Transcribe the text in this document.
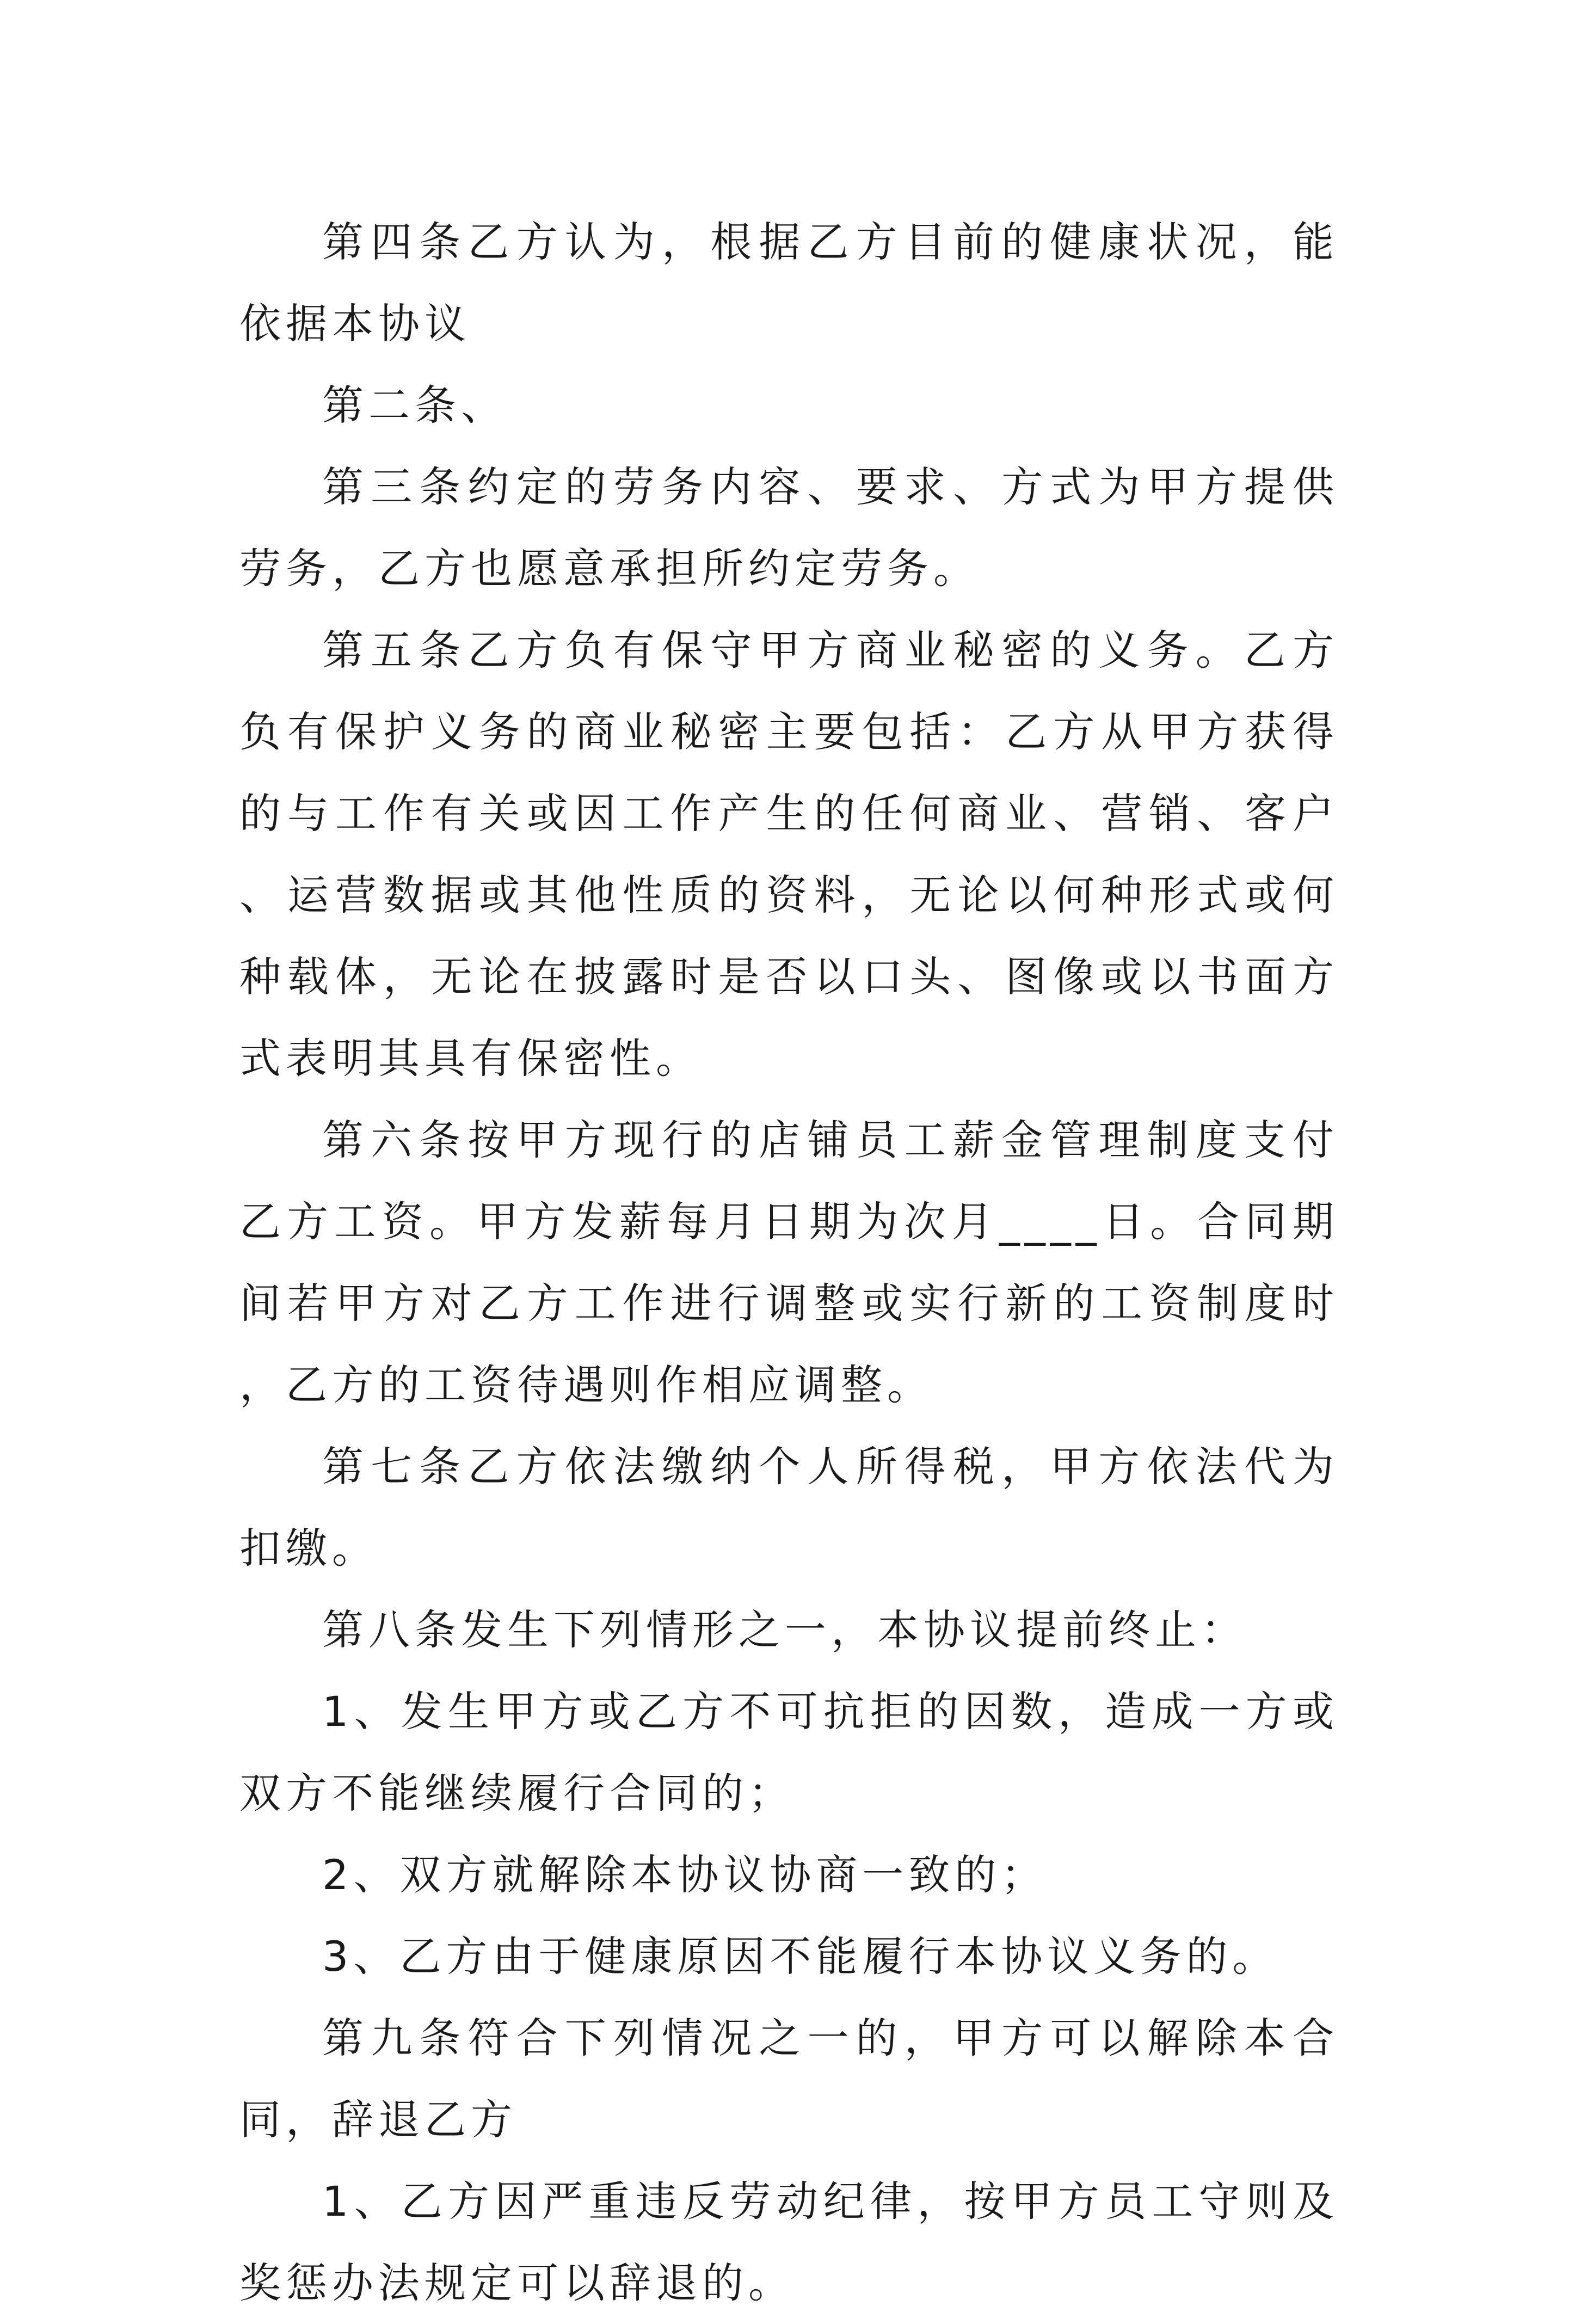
第四条乙方认为，根据乙方目前的健康状况，能依据本协议

第二条、

第三条约定的劳务内容、要求、方式为甲方提供劳务，乙方也愿意承担所约定劳务。

第五条乙方负有保守甲方商业秘密的义务。乙方负有保护义务的商业秘密主要包括：乙方从甲方获得的与工作有关或因工作产生的任何商业、营销、客户、运营数据或其他性质的资料，无论以何种形式或何种载体，无论在披露时是否以口头、图像或以书面方式表明其具有保密性。

第六条按甲方现行的店铺员工薪金管理制度支付乙方工资。甲方发薪每月日期为次月____日。合同期间若甲方对乙方工作进行调整或实行新的工资制度时，乙方的工资待遇则作相应调整。

第七条乙方依法缴纳个人所得税，甲方依法代为扣缴。

第八条发生下列情形之一，本协议提前终止：

1、发生甲方或乙方不可抗拒的因数，造成一方或双方不能继续履行合同的；

2、双方就解除本协议协商一致的；

3、乙方由于健康原因不能履行本协议义务的。

第九条符合下列情况之一的，甲方可以解除本合同，辞退乙方

1、乙方因严重违反劳动纪律，按甲方员工守则及奖惩办法规定可以辞退的。
